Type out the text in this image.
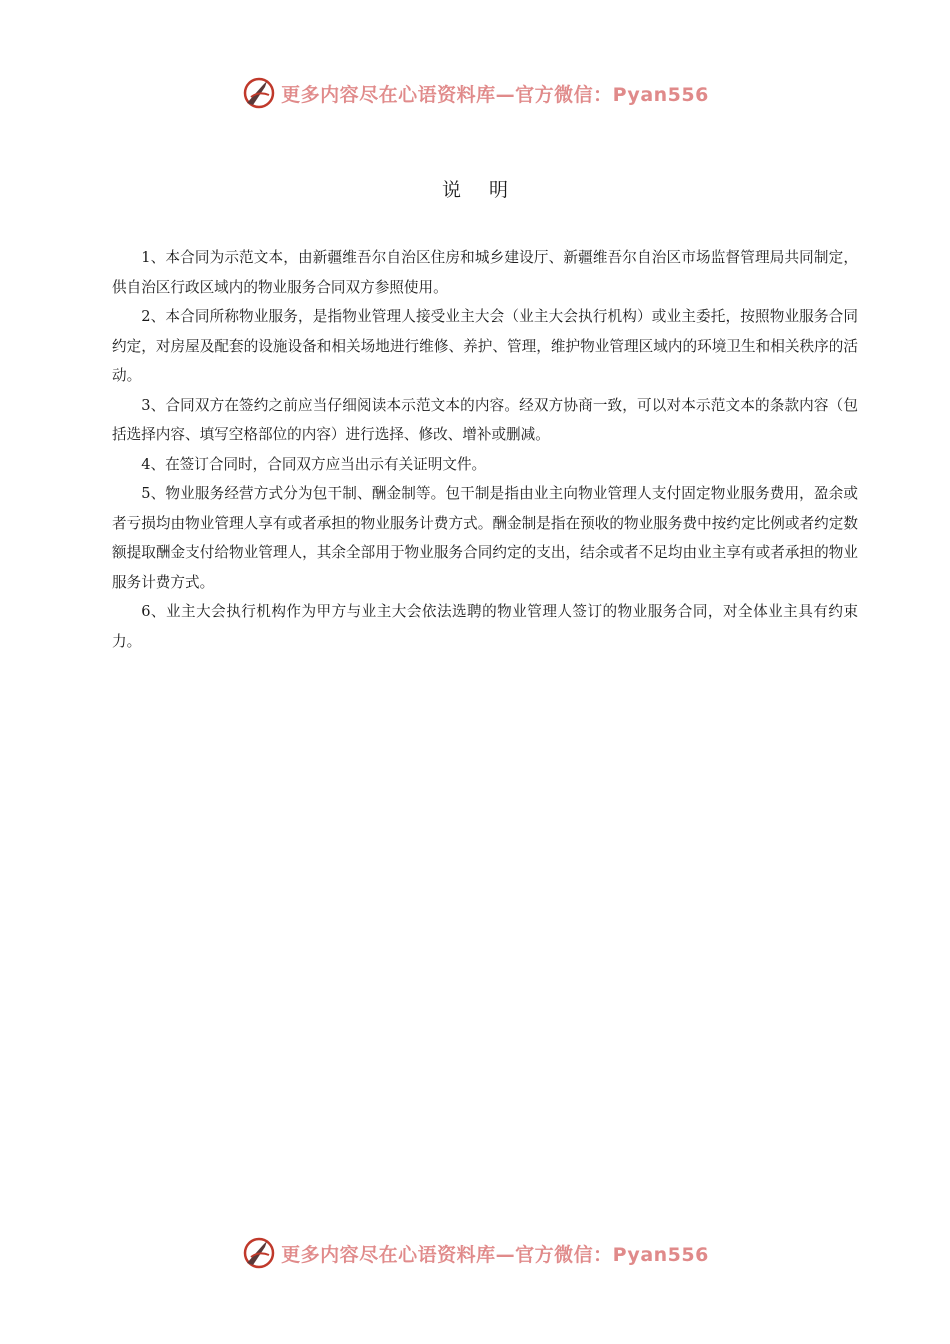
更多内容尽在心语资料库—官方微信：Pyan556
说明

1、本合同为示范文本，由新疆维吾尔自治区住房和城乡建设厅、新疆维吾尔自治区市场监督管理局共同制定，供自治区行政区域内的物业服务合同双方参照使用。

2、本合同所称物业服务，是指物业管理人接受业主大会（业主大会执行机构）或业主委托，按照物业服务合同约定，对房屋及配套的设施设备和相关场地进行维修、养护、管理，维护物业管理区域内的环境卫生和相关秩序的活动。

3、合同双方在签约之前应当仔细阅读本示范文本的内容。经双方协商一致，可以对本示范文本的条款内容（包括选择内容、填写空格部位的内容）进行选择、修改、增补或删减。

4、在签订合同时，合同双方应当出示有关证明文件。

5、物业服务经营方式分为包干制、酬金制等。包干制是指由业主向物业管理人支付固定物业服务费用，盈余或者亏损均由物业管理人享有或者承担的物业服务计费方式。酬金制是指在预收的物业服务费中按约定比例或者约定数额提取酬金支付给物业管理人，其余全部用于物业服务合同约定的支出，结余或者不足均由业主享有或者承担的物业服务计费方式。

6、业主大会执行机构作为甲方与业主大会依法选聘的物业管理人签订的物业服务合同，对全体业主具有约束力。

更多内容尽在心语资料库—官方微信：Pyan556
